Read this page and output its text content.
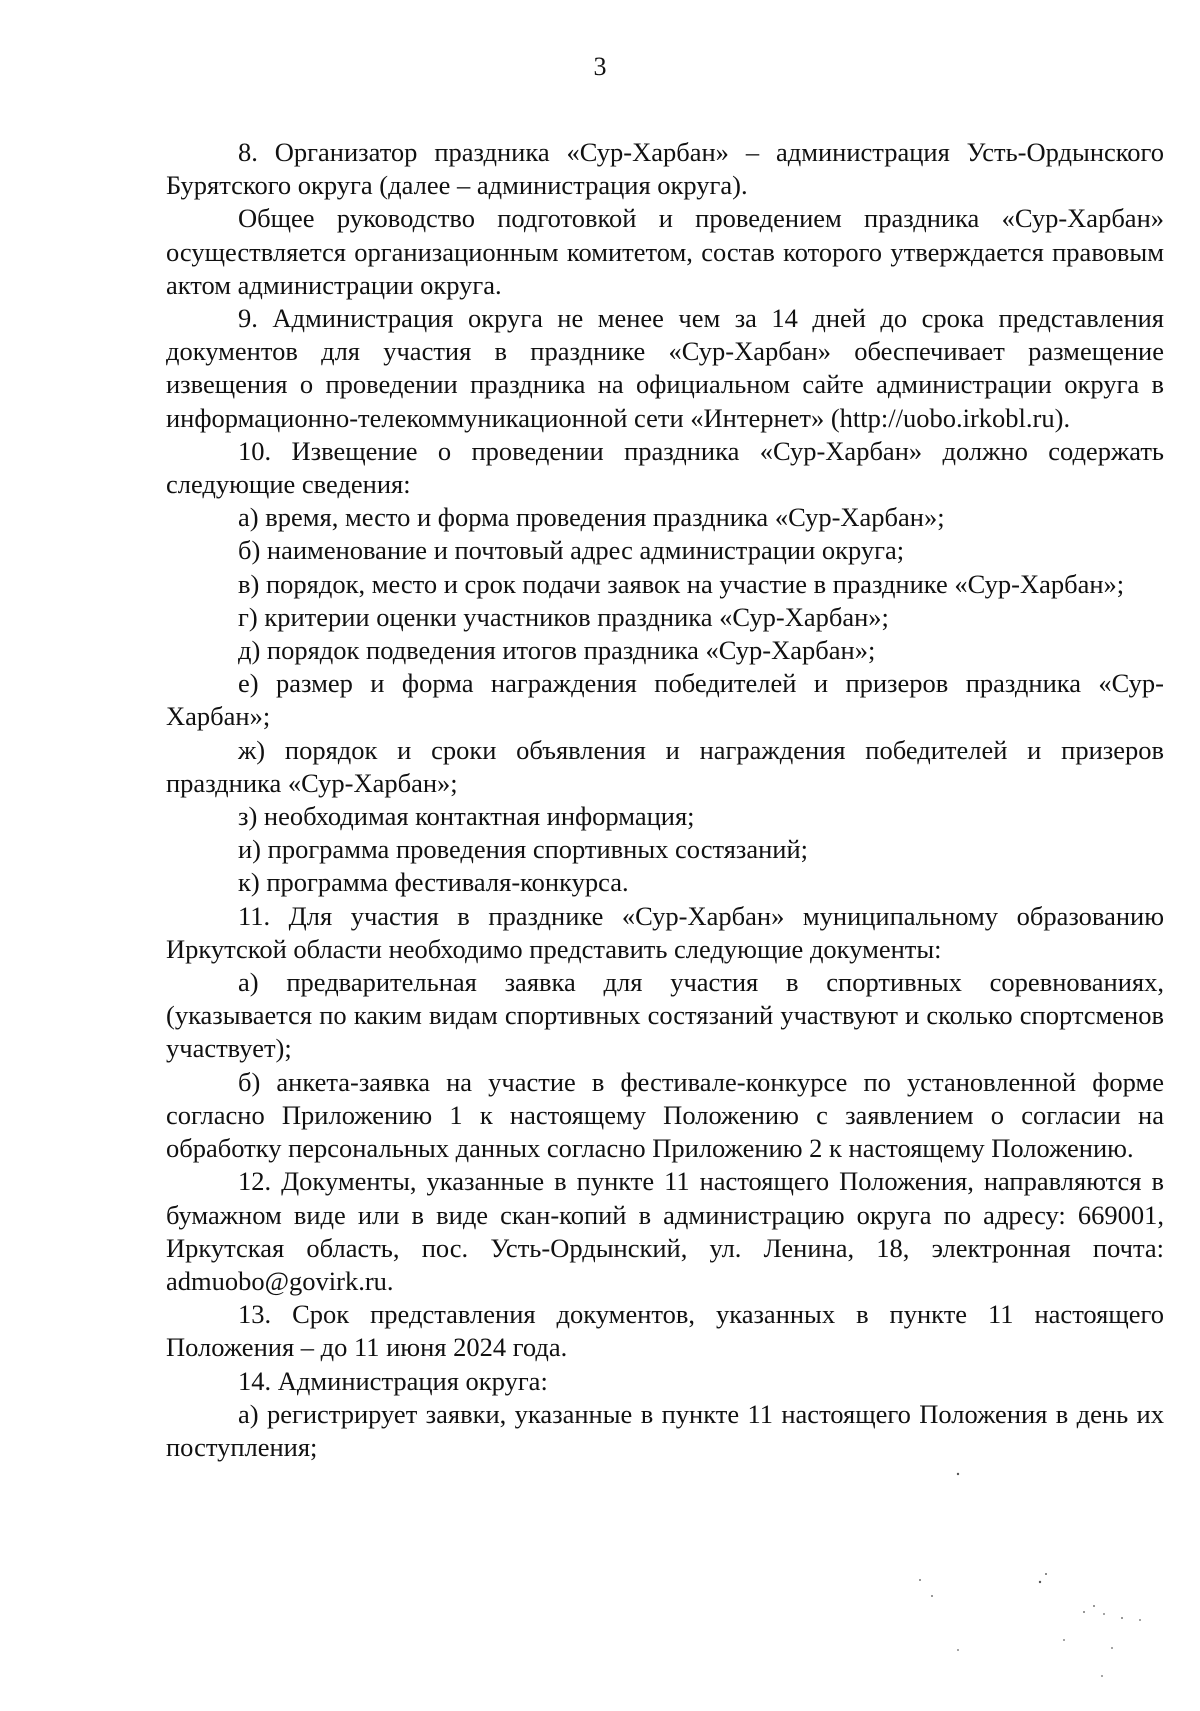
3

8. Организатор праздника «Сур-Харбан» – администрация Усть-Ордынского Бурятского округа (далее – администрация округа).

Общее руководство подготовкой и проведением праздника «Сур-Харбан» осуществляется организационным комитетом, состав которого утверждается правовым актом администрации округа.

9. Администрация округа не менее чем за 14 дней до срока представления документов для участия в празднике «Сур-Харбан» обеспечивает размещение извещения о проведении праздника на официальном сайте администрации округа в информационно-телекоммуникационной сети «Интернет» (http://uobo.irkobl.ru).

10. Извещение о проведении праздника «Сур-Харбан» должно содержать следующие сведения:

а) время, место и форма проведения праздника «Сур-Харбан»;

б) наименование и почтовый адрес администрации округа;

в) порядок, место и срок подачи заявок на участие в празднике «Сур-Харбан»;

г) критерии оценки участников праздника «Сур-Харбан»;

д) порядок подведения итогов праздника «Сур-Харбан»;

е) размер и форма награждения победителей и призеров праздника «Сур-Харбан»;

ж) порядок и сроки объявления и награждения победителей и призеров праздника «Сур-Харбан»;

з) необходимая контактная информация;

и) программа проведения спортивных состязаний;

к) программа фестиваля-конкурса.

11. Для участия в празднике «Сур-Харбан» муниципальному образованию Иркутской области необходимо представить следующие документы:

а) предварительная заявка для участия в спортивных соревнованиях, (указывается по каким видам спортивных состязаний участвуют и сколько спортсменов участвует);

б) анкета-заявка на участие в фестивале-конкурсе по установленной форме согласно Приложению 1 к настоящему Положению с заявлением о согласии на обработку персональных данных согласно Приложению 2 к настоящему Положению.

12. Документы, указанные в пункте 11 настоящего Положения, направляются в бумажном виде или в виде скан-копий в администрацию округа по адресу: 669001, Иркутская область, пос. Усть-Ордынский, ул. Ленина, 18, электронная почта: admuobo@govirk.ru.

13. Срок представления документов, указанных в пункте 11 настоящего Положения – до 11 июня 2024 года.

14. Администрация округа:

а) регистрирует заявки, указанные в пункте 11 настоящего Положения в день их поступления;
